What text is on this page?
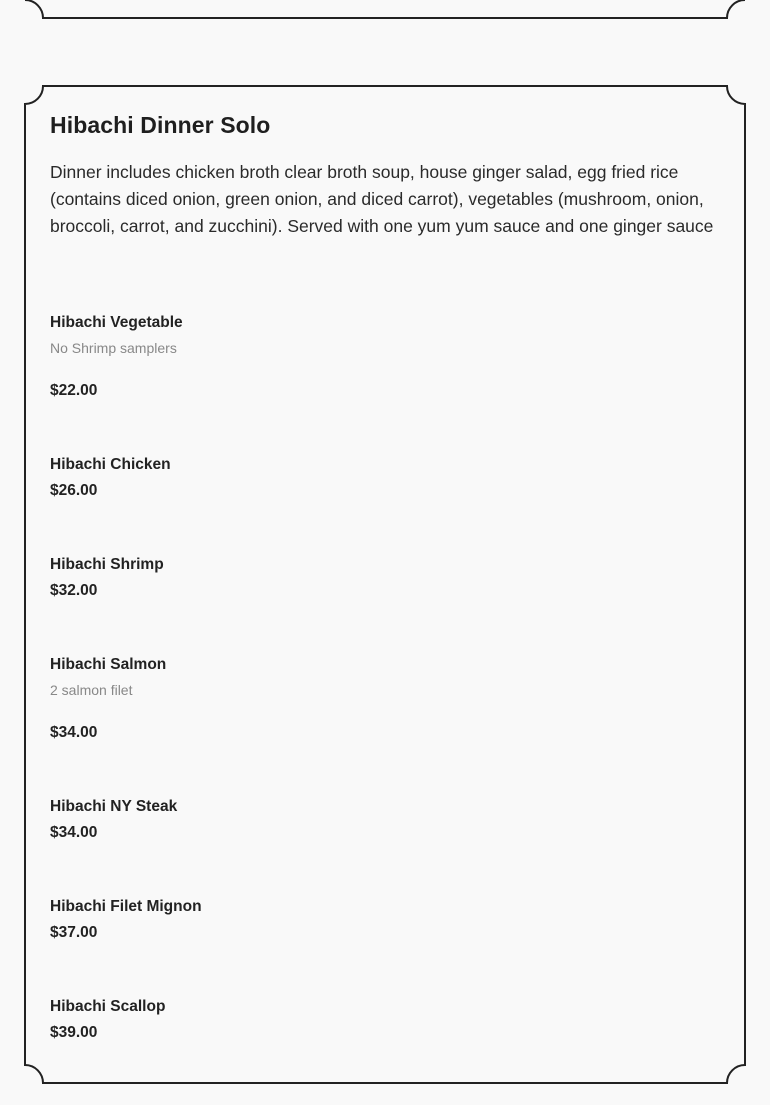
Hibachi Dinner Solo

Dinner includes chicken broth clear broth soup, house ginger salad, egg fried rice (contains diced onion, green onion, and diced carrot), vegetables (mushroom, onion, broccoli, carrot, and zucchini). Served with one yum yum sauce and one ginger sauce

Hibachi Vegetable
No Shrimp samplers
$22.00
Hibachi Chicken
$26.00
Hibachi Shrimp
$32.00
Hibachi Salmon
2 salmon filet
$34.00
Hibachi NY Steak
$34.00
Hibachi Filet Mignon
$37.00
Hibachi Scallop
$39.00
